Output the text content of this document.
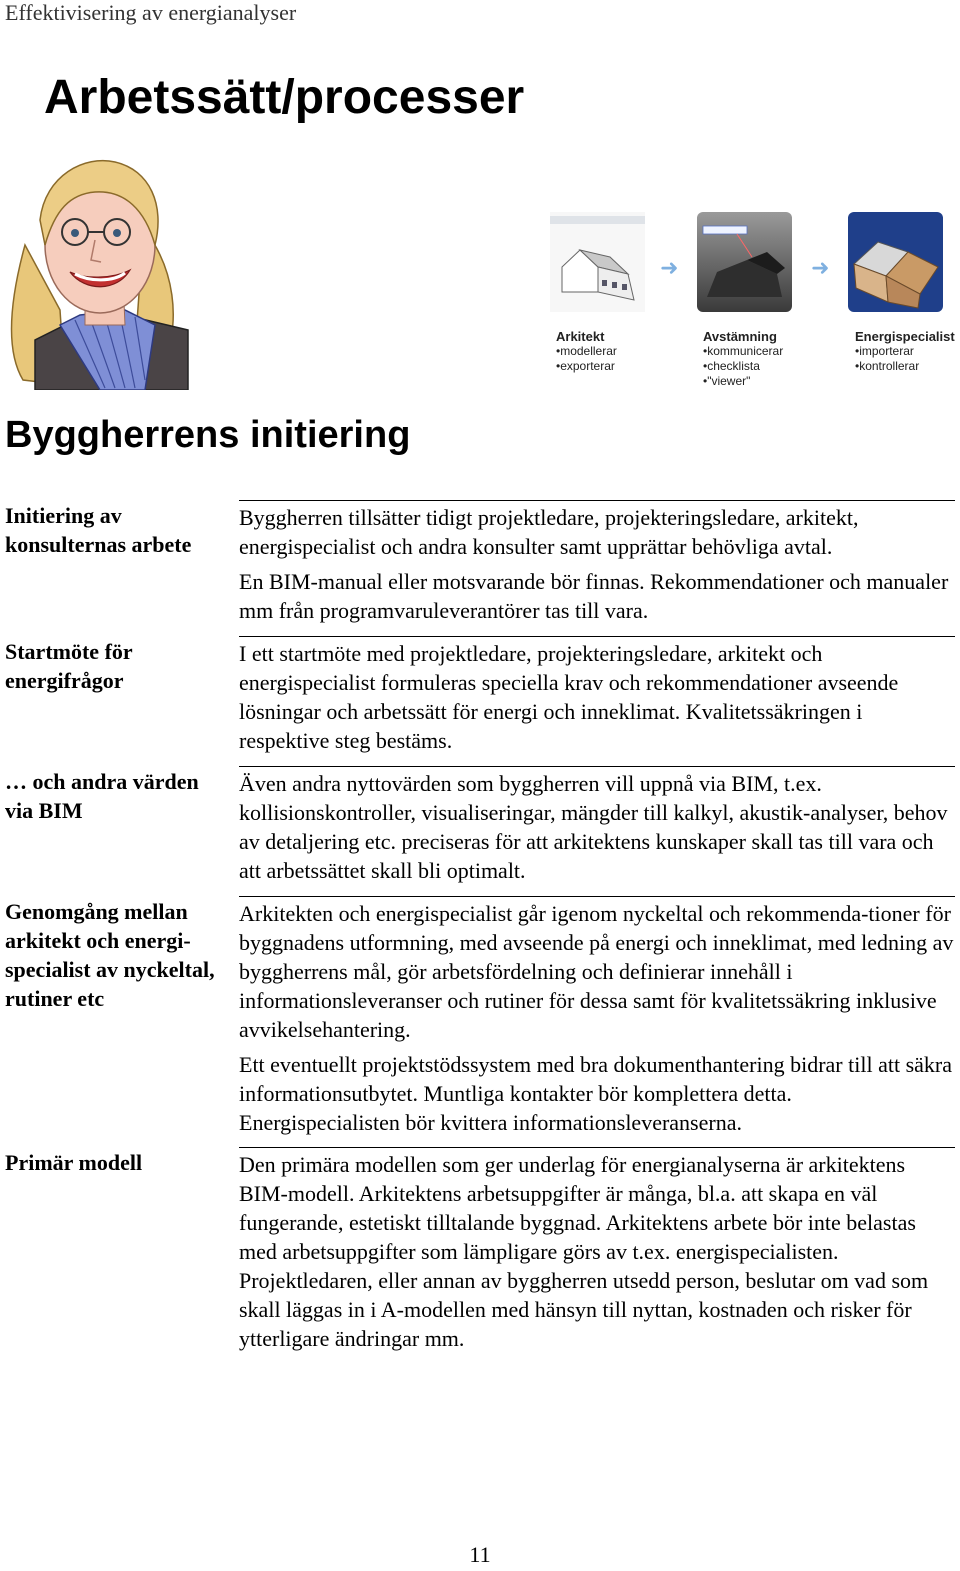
Effektivisering av energianalyser
Arbetssätt/processer
➜	➜
Arkitekt
• modellerar
• exporterar
Avstämning
• kommunicerar
• checklista
• "viewer"
Energispecialist
• importerar
• kontrollerar
Byggherrens initiering
Initiering av konsulternas arbete

Byggherren tillsätter tidigt projektledare, projekteringsledare, arkitekt, energispecialist och andra konsulter samt upprättar behövliga avtal.

En BIM-manual eller motsvarande bör finnas. Rekommendationer och manualer mm från programvaruleverantörer tas till vara.

Startmöte för energifrågor

I ett startmöte med projektledare, projekteringsledare, arkitekt och energispecialist formuleras speciella krav och rekommendationer avseende lösningar och arbetssätt för energi och inneklimat. Kvalitetssäkringen i respektive steg bestäms.

… och andra värden via BIM

Även andra nyttovärden som byggherren vill uppnå via BIM, t.ex. kollisionskontroller, visualiseringar, mängder till kalkyl, akustik-analyser, behov av detaljering etc. preciseras för att arkitektens kunskaper skall tas till vara och att arbetssättet skall bli optimalt.

Genomgång mellan arkitekt och energi-specialist av nyckeltal, rutiner etc

Arkitekten och energispecialist går igenom nyckeltal och rekommenda-tioner för byggnadens utformning, med avseende på energi och inneklimat, med ledning av byggherrens mål, gör arbetsfördelning och definierar innehåll i informationsleveranser och rutiner för dessa samt för kvalitetssäkring inklusive avvikelsehantering.

Ett eventuellt projektstödssystem med bra dokumenthantering bidrar till att säkra informationsutbytet. Muntliga kontakter bör komplettera detta. Energispecialisten bör kvittera informationsleveranserna.

Primär modell	Den primära modellen som ger underlag för energianalyserna är arkitektens BIM-modell. Arkitektens arbetsuppgifter är många, bl.a. att skapa en väl fungerande, estetiskt tilltalande byggnad. Arkitektens arbete bör inte belastas med arbetsuppgifter som lämpligare görs av t.ex. energispecialisten. Projektledaren, eller annan av byggherren utsedd person, beslutar om vad som skall läggas in i A-modellen med hänsyn till nyttan, kostnaden och risker för ytterligare ändringar mm.

11
